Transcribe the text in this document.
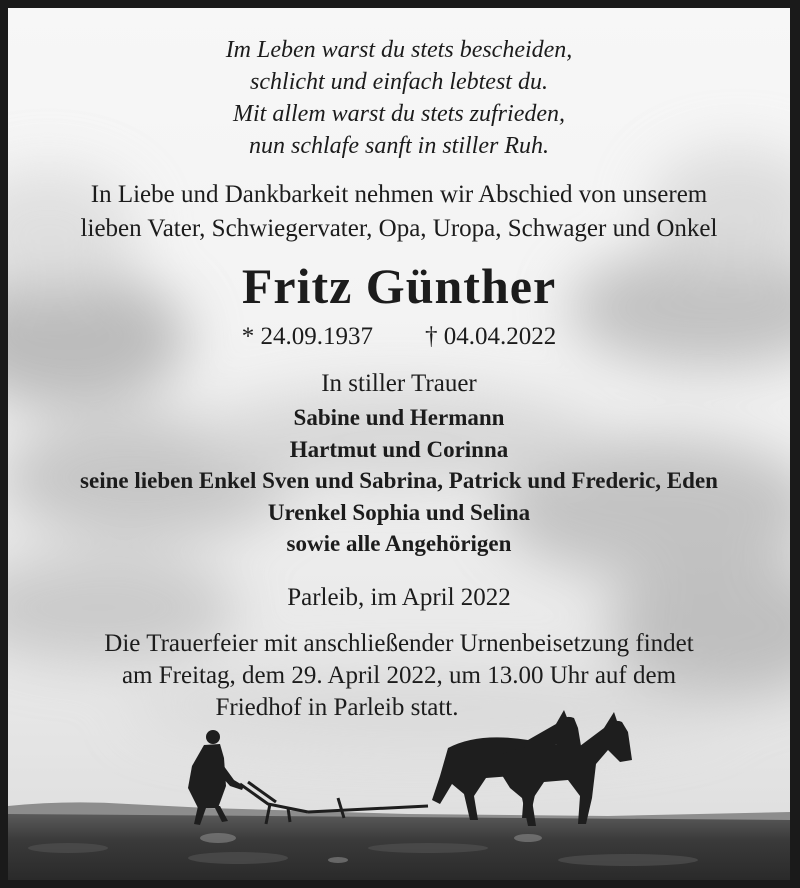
Im Leben warst du stets bescheiden,
schlicht und einfach lebtest du.
Mit allem warst du stets zufrieden,
nun schlafe sanft in stiller Ruh.
In Liebe und Dankbarkeit nehmen wir Abschied von unserem
lieben Vater, Schwiegervater, Opa, Uropa, Schwager und Onkel
Fritz Günther
* 24.09.1937 † 04.04.2022
In stiller Trauer
Sabine und Hermann
Hartmut und Corinna
seine lieben Enkel Sven und Sabrina, Patrick und Frederic, Eden
Urenkel Sophia und Selina
sowie alle Angehörigen
Parleib, im April 2022
Die Trauerfeier mit anschließender Urnenbeisetzung findet
am Freitag, dem 29. April 2022, um 13.00 Uhr auf dem
Friedhof in Parleib statt.
